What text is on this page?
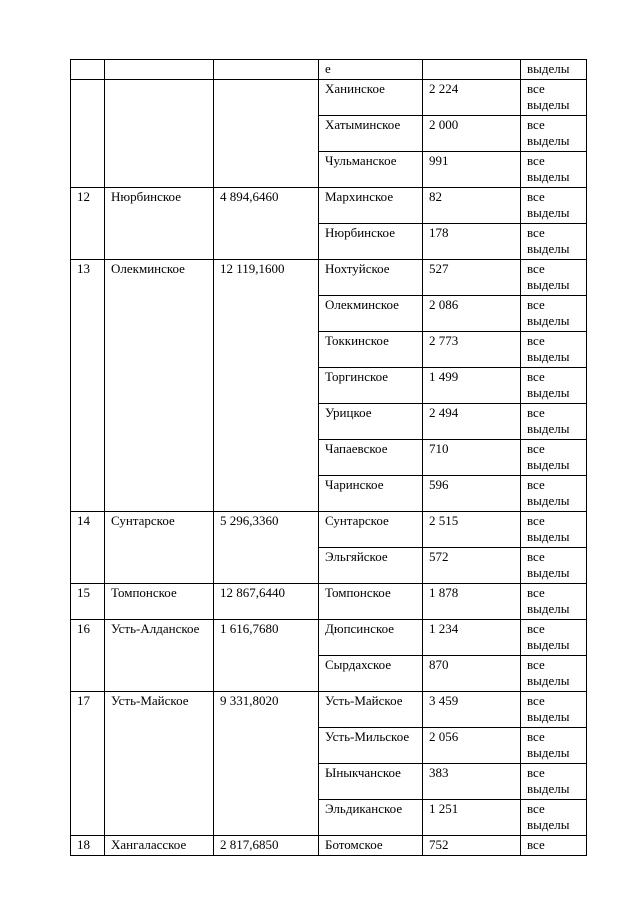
			е		выделы
			Ханинское	2 224	все выделы
			Хатыминское	2 000	все выделы
			Чульманское	991	все выделы
12	Нюрбинское	4 894,6460	Мархинское	82	все выделы
			Нюрбинское	178	все выделы
13	Олекминское	12 119,1600	Нохтуйское	527	все выделы
			Олекминское	2 086	все выделы
			Токкинское	2 773	все выделы
			Торгинское	1 499	все выделы
			Урицкое	2 494	все выделы
			Чапаевское	710	все выделы
			Чаринское	596	все выделы
14	Сунтарское	5 296,3360	Сунтарское	2 515	все выделы
			Эльгяйское	572	все выделы
15	Томпонское	12 867,6440	Томпонское	1 878	все выделы
16	Усть-Алданское	1 616,7680	Дюпсинское	1 234	все выделы
			Сырдахское	870	все выделы
17	Усть-Майское	9 331,8020	Усть-Майское	3 459	все выделы
			Усть-Мильское	2 056	все выделы
			Ыныкчанское	383	все выделы
			Эльдиканское	1 251	все выделы
18	Хангаласское	2 817,6850	Ботомское	752	все
